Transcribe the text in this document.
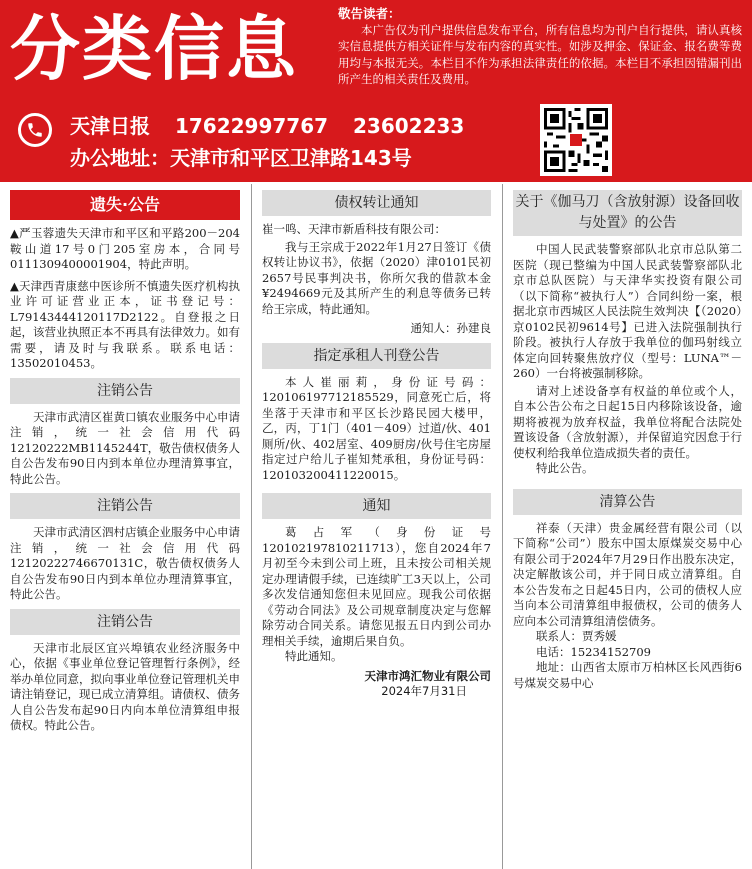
分类信息	敬告读者：

本广告仅为刊户提供信息发布平台，所有信息均为刊户自行提供，请认真核实信息提供方相关证件与发布内容的真实性。如涉及押金、保证金、报名费等费用均与本报无关。本栏目不作为承担法律责任的依据。本栏目不承担因错漏刊出所产生的相关责任及费用。
天津日报 17622997767 23602233
办公地址：天津市和平区卫津路143号
遗失·公告
▲严玉蓉遗失天津市和平区和平路200－204鞍山道17号0门205室房本，合同号0111309400001904，特此声明。
▲天津西青康慈中医诊所不慎遗失医疗机构执业许可证营业正本，证书登记号：L79143444120117D2122。自登报之日起，该营业执照正本不再具有法律效力。如有需要，请及时与我联系。联系电话：13502010453。
注销公告
天津市武清区崔黄口镇农业服务中心申请注销，统一社会信用代码12120222MB1145244T，敬告债权债务人自公告发布90日内到本单位办理清算事宜，特此公告。
注销公告
天津市武清区泗村店镇企业服务中心申请注销，统一社会信用代码12120222746670131C，敬告债权债务人自公告发布90日内到本单位办理清算事宜，特此公告。
注销公告
天津市北辰区宜兴埠镇农业经济服务中心，依据《事业单位登记管理暂行条例》，经举办单位同意，拟向事业单位登记管理机关申请注销登记，现已成立清算组。请债权、债务人自公告发布起90日内向本单位清算组申报债权。特此公告。
债权转让通知
崔一鸣、天津市新盾科技有限公司：
我与王宗成于2022年1月27日签订《债权转让协议书》，依据（2020）津0101民初2657号民事判决书，你所欠我的借款本金¥2494669元及其所产生的利息等债务已转给王宗成，特此通知。
通知人：孙建良
指定承租人刊登公告
本人崔丽莉，身份证号码：120106197712185529，同意死亡后，将坐落于天津市和平区长沙路民园大楼甲，乙，丙，丁1门（401－409）过道/伙、401厕所/伙、402居室、409厨房/伙号住宅房屋指定过户给儿子崔知梵承租，身份证号码：120103200411220015。
通知
葛占军（身份证号120102197810211713），您自2024年7月初至今未到公司上班，且未按公司相关规定办理请假手续，已连续旷工3天以上，公司多次发信通知您但未见回应。现我公司依据《劳动合同法》及公司规章制度决定与您解除劳动合同关系。请您见报五日内到公司办理相关手续，逾期后果自负。
特此通知。
天津市鸿汇物业有限公司
2024年7月31日
关于《伽马刀（含放射源）设备回收与处置》的公告
中国人民武装警察部队北京市总队第二医院（现已整编为中国人民武装警察部队北京市总队医院）与天津华实投资有限公司（以下简称“被执行人”）合同纠纷一案，根据北京市西城区人民法院生效判决【（2020）京0102民初9614号】已进入法院强制执行阶段。被执行人存放于我单位的伽玛射线立体定向回转聚焦放疗仪（型号：LUNA™－260）一台将被强制移除。
请对上述设备享有权益的单位或个人，自本公告公布之日起15日内移除该设备，逾期将被视为放弃权益，我单位将配合法院处置该设备（含放射源），并保留追究因怠于行使权利给我单位造成损失者的责任。
特此公告。
清算公告
祥泰（天津）贵金属经营有限公司（以下简称“公司”）股东中国太原煤炭交易中心有限公司于2024年7月29日作出股东决定，决定解散该公司，并于同日成立清算组。自本公告发布之日起45日内，公司的债权人应当向本公司清算组申报债权，公司的债务人应向本公司清算组清偿债务。
联系人：贾秀媛
电话：15234152709
地址：山西省太原市万柏林区长风西街6号煤炭交易中心
